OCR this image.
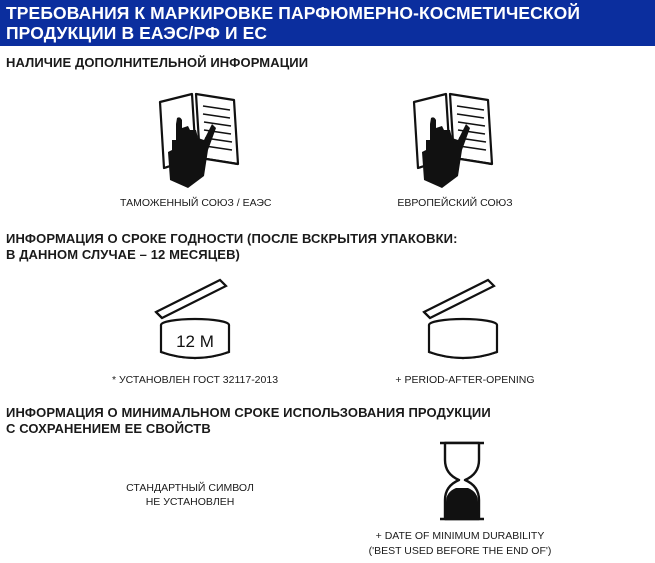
ТРЕБОВАНИЯ К МАРКИРОВКЕ ПАРФЮМЕРНО-КОСМЕТИЧЕСКОЙ
ПРОДУКЦИИ В ЕАЭС/РФ И ЕС
НАЛИЧИЕ ДОПОЛНИТЕЛЬНОЙ ИНФОРМАЦИИ
ТАМОЖЕННЫЙ СОЮЗ / ЕАЭС	ЕВРОПЕЙСКИЙ СОЮЗ
ИНФОРМАЦИЯ О СРОКЕ ГОДНОСТИ (ПОСЛЕ ВСКРЫТИЯ УПАКОВКИ:
В ДАННОМ СЛУЧАЕ – 12 МЕСЯЦЕВ)
12 M
* УСТАНОВЛЕН ГОСТ 32117-2013	+ PERIOD-AFTER-OPENING
ИНФОРМАЦИЯ О МИНИМАЛЬНОМ СРОКЕ ИСПОЛЬЗОВАНИЯ ПРОДУКЦИИ
С СОХРАНЕНИЕМ ЕЕ СВОЙСТВ
СТАНДАРТНЫЙ СИМВОЛ
НЕ УСТАНОВЛЕН
+ DATE OF MINIMUM DURABILITY
('BEST USED BEFORE THE END OF')
